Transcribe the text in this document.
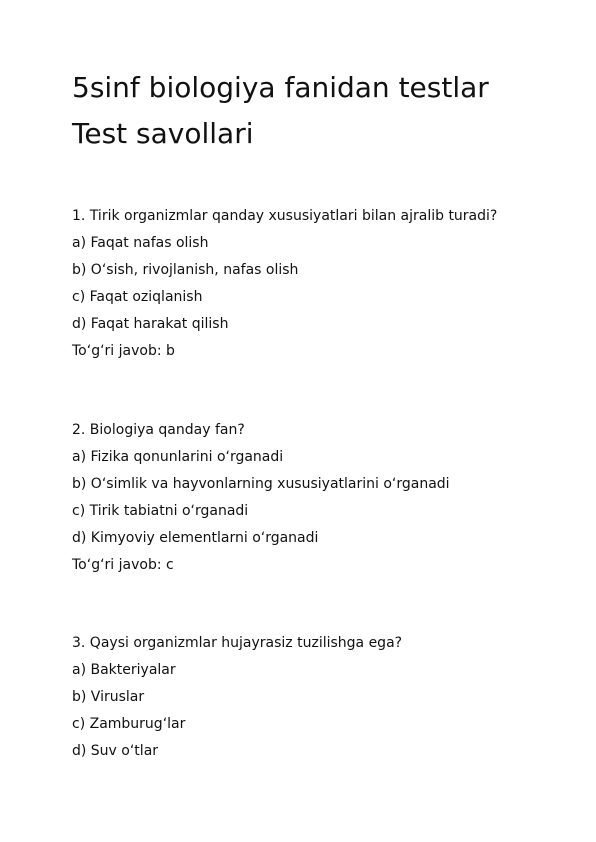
5sinf biologiya fanidan testlar
Test savollari
1. Tirik organizmlar qanday xususiyatlari bilan ajralib turadi?
a) Faqat nafas olish
b) O‘sish, rivojlanish, nafas olish
c) Faqat oziqlanish
d) Faqat harakat qilish
To‘g‘ri javob: b
2. Biologiya qanday fan?
a) Fizika qonunlarini o‘rganadi
b) O‘simlik va hayvonlarning xususiyatlarini o‘rganadi
c) Tirik tabiatni o‘rganadi
d) Kimyoviy elementlarni o‘rganadi
To‘g‘ri javob: c
3. Qaysi organizmlar hujayrasiz tuzilishga ega?
a) Bakteriyalar
b) Viruslar
c) Zamburug‘lar
d) Suv o‘tlar
